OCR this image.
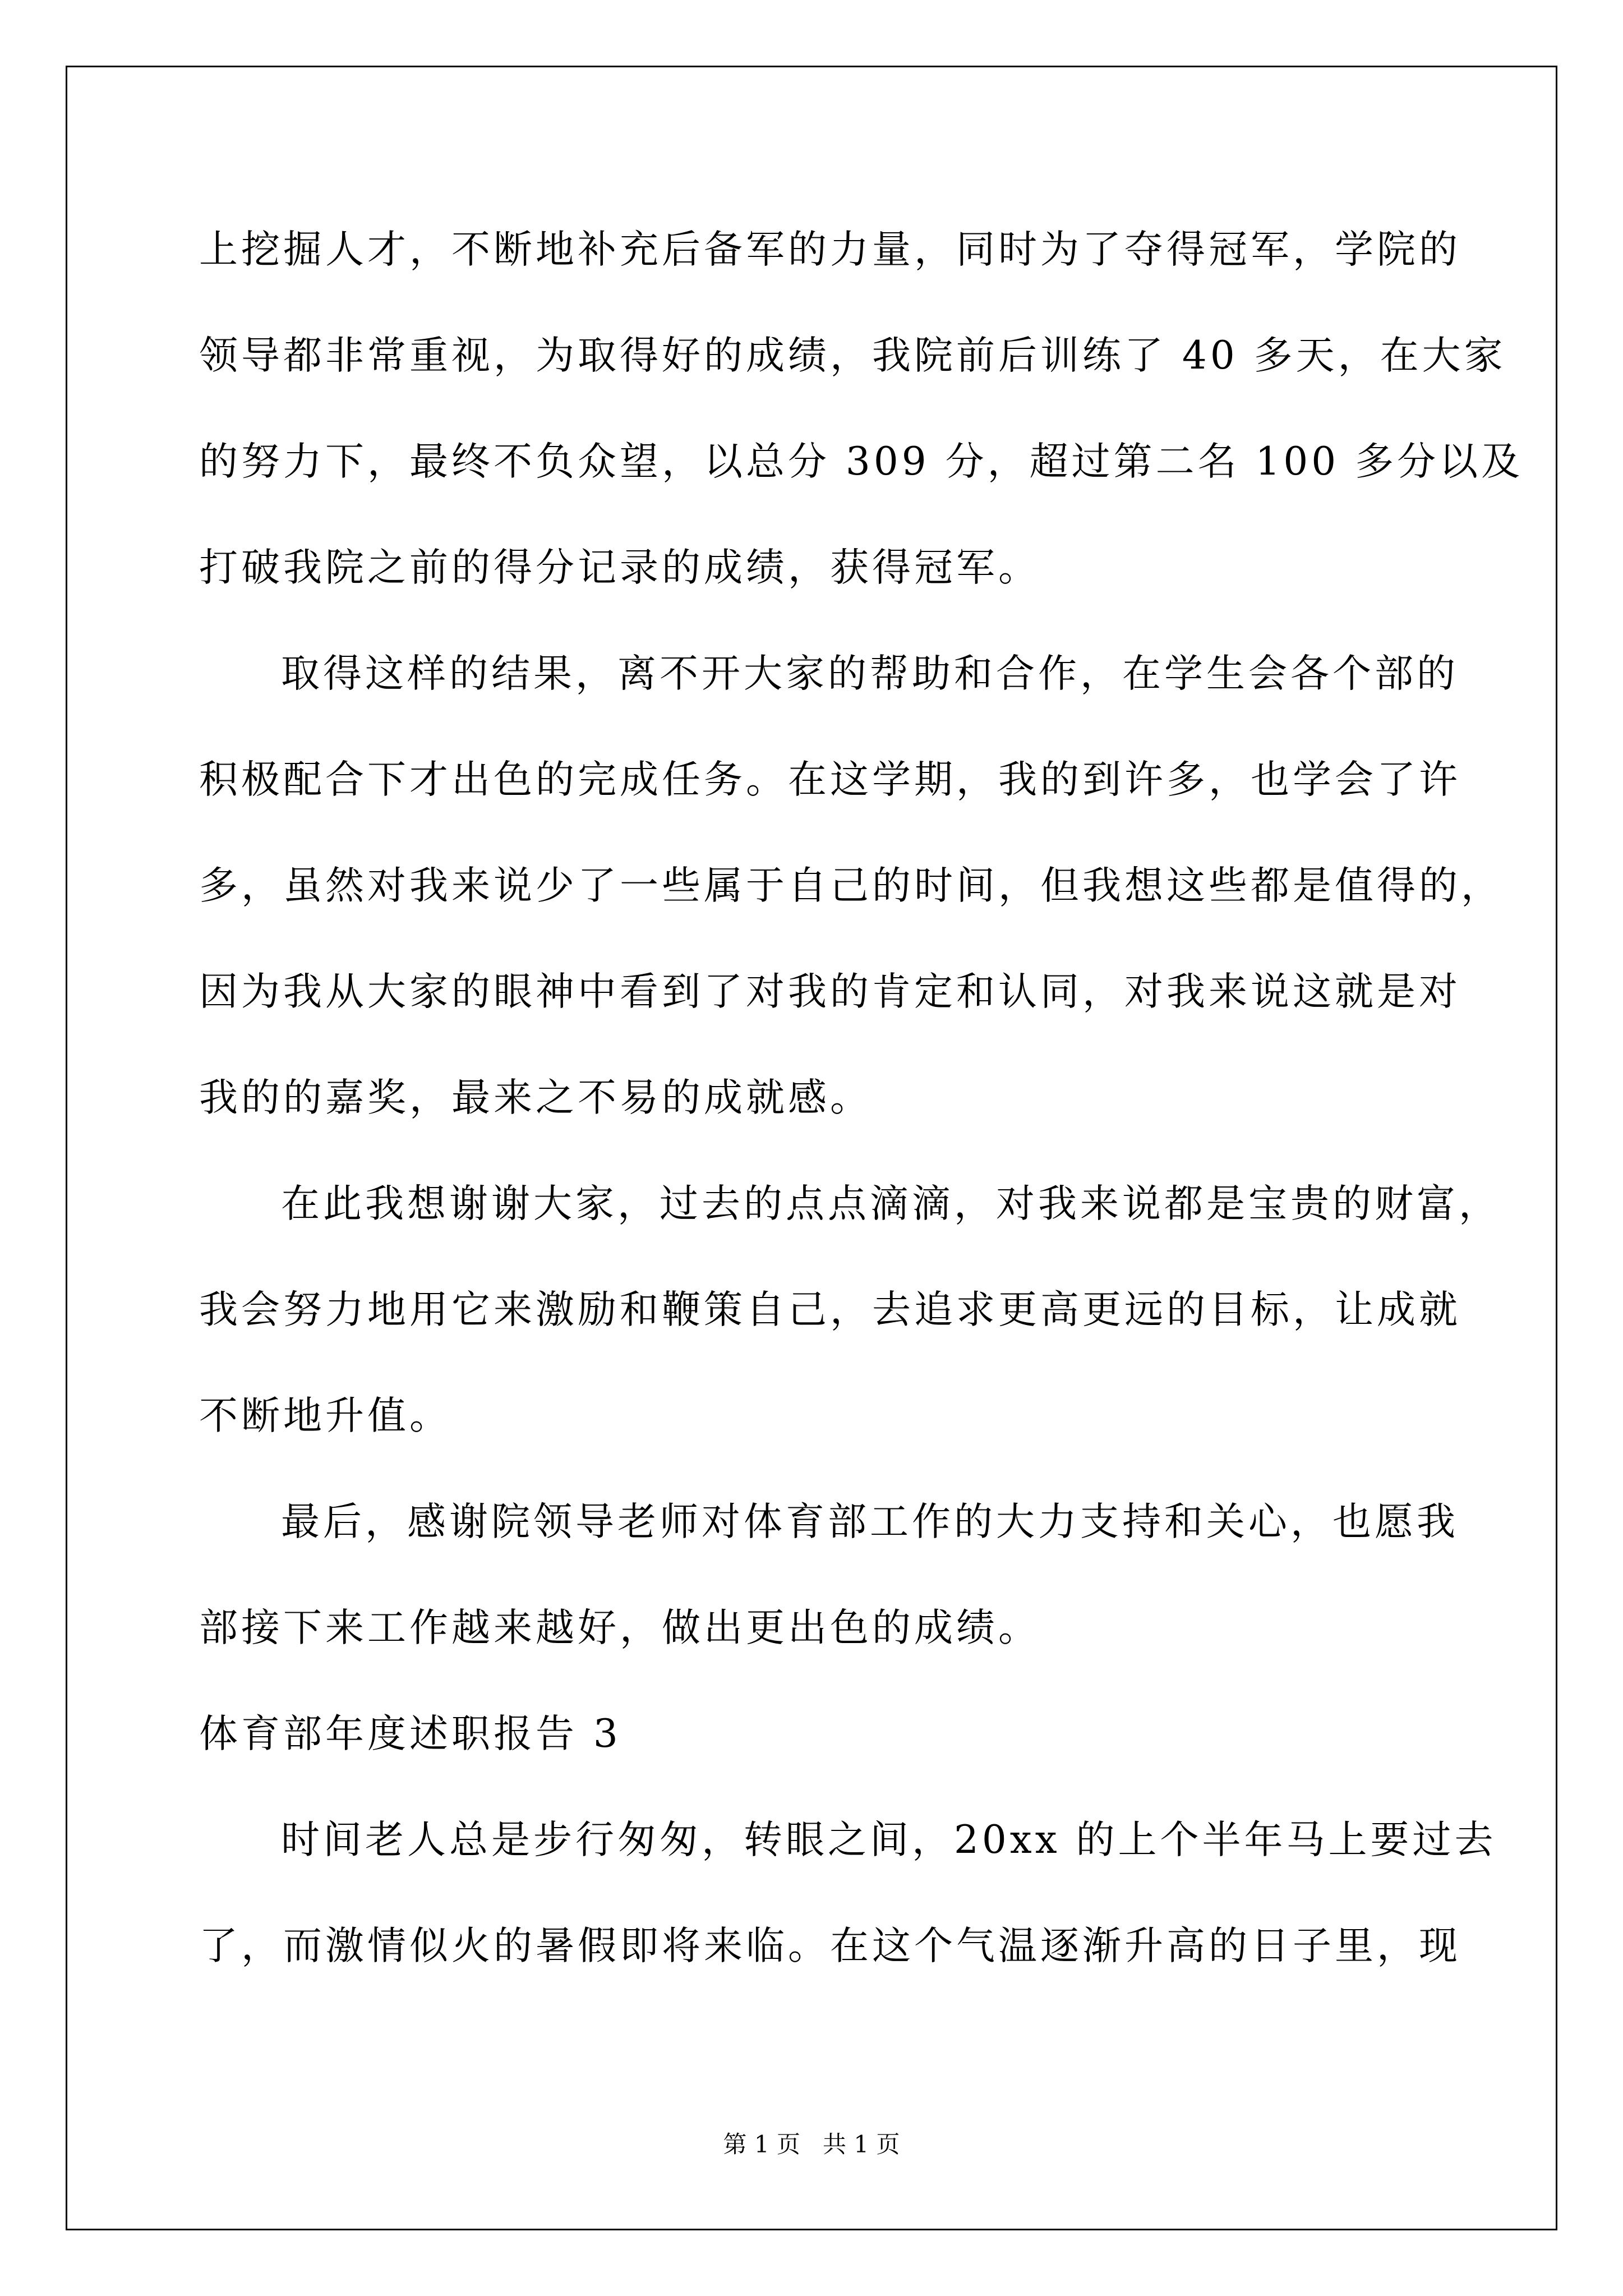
上挖掘人才，不断地补充后备军的力量，同时为了夺得冠军，学院的
领导都非常重视，为取得好的成绩，我院前后训练了 40 多天，在大家
的努力下，最终不负众望，以总分 309 分，超过第二名 100 多分以及
打破我院之前的得分记录的成绩，获得冠军。
取得这样的结果，离不开大家的帮助和合作，在学生会各个部的
积极配合下才出色的完成任务。在这学期，我的到许多，也学会了许
多，虽然对我来说少了一些属于自己的时间，但我想这些都是值得的，
因为我从大家的眼神中看到了对我的肯定和认同，对我来说这就是对
我的的嘉奖，最来之不易的成就感。
在此我想谢谢大家，过去的点点滴滴，对我来说都是宝贵的财富，
我会努力地用它来激励和鞭策自己，去追求更高更远的目标，让成就
不断地升值。
最后，感谢院领导老师对体育部工作的大力支持和关心，也愿我
部接下来工作越来越好，做出更出色的成绩。
体育部年度述职报告 3
时间老人总是步行匆匆，转眼之间，20xx 的上个半年马上要过去
了，而激情似火的暑假即将来临。在这个气温逐渐升高的日子里，现
第 1 页   共 1 页
